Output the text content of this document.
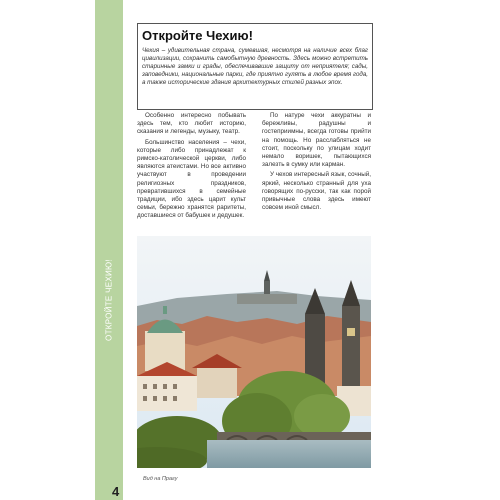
ОТКРОЙТЕ ЧЕХИЮ!
4
Откройте Чехию!
Чехия – удивительная страна, сумевшая, несмотря на наличие всех благ цивилизации, сохранить самобытную древность. Здесь можно встретить старинные замки и грады, обеспечивавшие защиту от неприятеля; сады, заповедники, национальные парки, где приятно гулять в любое время года, а также исторические здания архитектурных стилей разных эпох.

Особенно интересно побывать здесь тем, кто любит историю, сказания и легенды, музыку, театр.

Большинство населения – чехи, которые либо принадлежат к римско-католической церкви, либо являются атеистами. Но все активно участвуют в проведении религиозных праздников, превратившихся в семейные традиции, ибо здесь царит культ семьи, бережно хранятся раритеты, доставшиеся от бабушек и дедушек.

По натуре чехи аккуратны и бережливы, радушны и гостеприимны, всегда готовы прийти на помощь. Но расслабляться не стоит, поскольку по улицам ходит немало воришек, пытающихся залезть в сумку или карман.

У чехов интересный язык, сочный, яркий, несколько странный для уха говорящих по-русски, так как порой привычные слова здесь имеют совсем иной смысл.

Вид на Прагу
